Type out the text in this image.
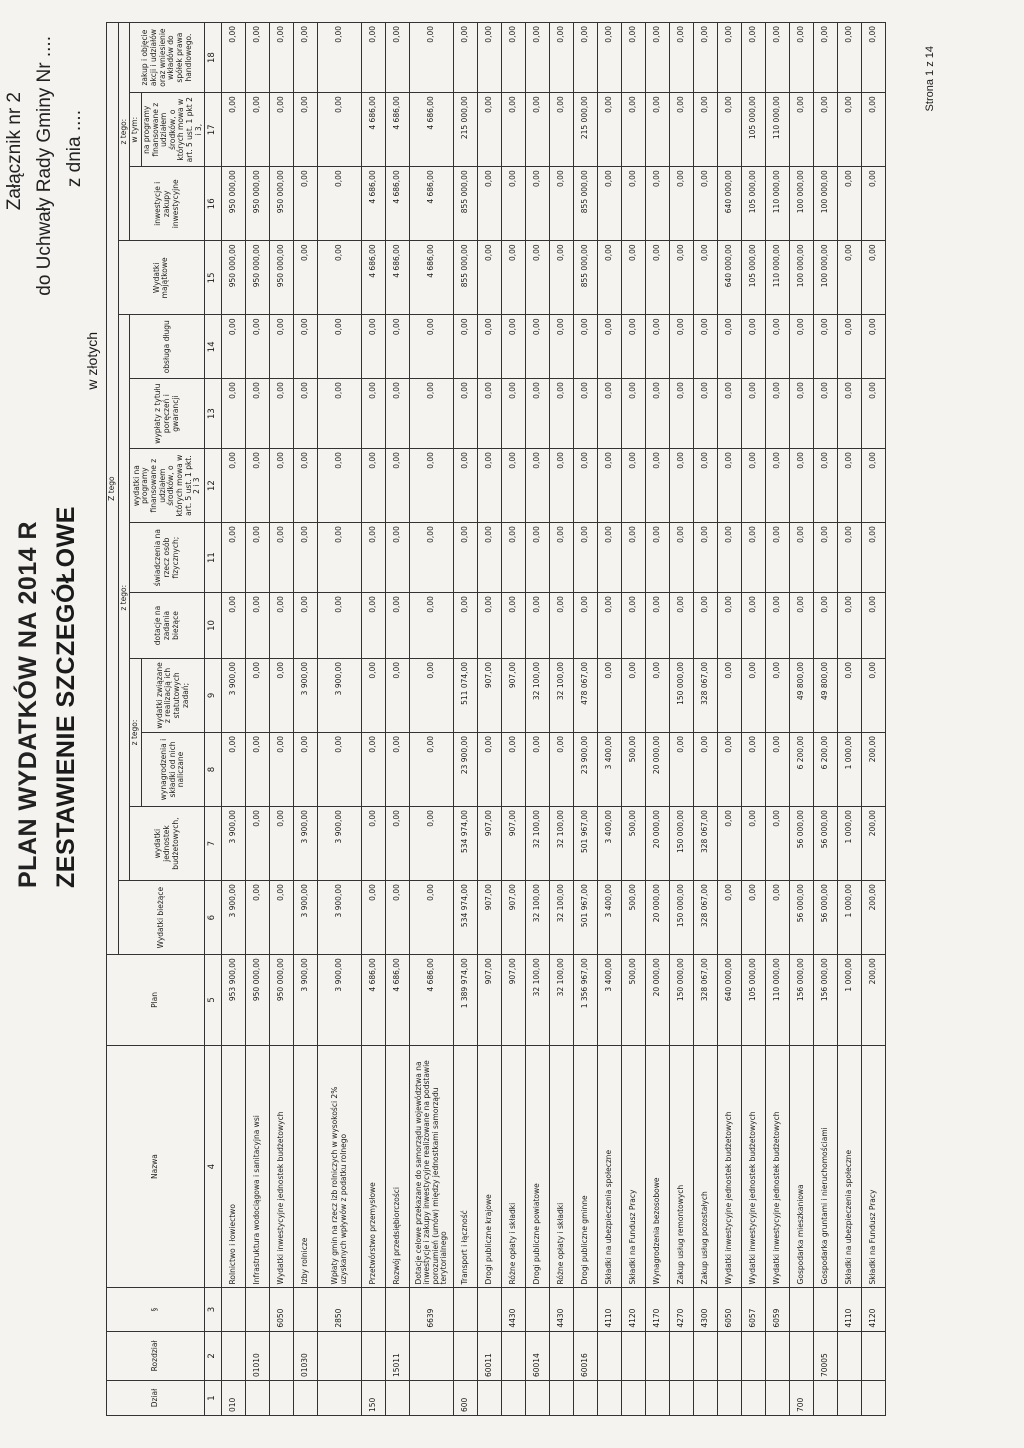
PLAN WYDATKÓW NA 2014 R ZESTAWIENIE SZCZEGÓŁOWE
Załącznik nr 2 do Uchwały Rady Gminy Nr .... z dnia ....
w złotych
Dział	Rozdział	§	Nazwa	Plan	Z tego												
					Wydatki bieżące	z tego:								Wydatki majątkowe	z tego:		
						wydatki jednostek budżetowych,	z tego:		dotacje na zadania bieżące	świadczenia na rzecz osób fizycznych;	wydatki na programy finansowane z udziałem środków, o których mowa w art. 5 ust. 1 pkt. 2 i 3	wypłaty z tytułu poręczeń i gwarancji	obsługa długu		inwestycje i zakupy inwestycyjne	w tym:	zakup i objęcie akcji i udziałów oraz wniesienie wkładów do spółek prawa handlowego.
							wynagrodzenia i składki od nich naliczane	wydatki związane z realizacją ich statutowych zadań;								na programy finansowane z udziałem środków, o których mowa w art. 5 ust. 1 pkt 2 i 3,	

1	2	3	4	5	6	7	8	9	10	11	12	13	14	15	16	17	18
010			Rolnictwo i łowiectwo	953 900,00	3 900,00	3 900,00	0,00	3 900,00	0,00	0,00	0,00	0,00	0,00	950 000,00	950 000,00	0,00	0,00
	01010		Infrastruktura wodociągowa i sanitacyjna wsi	950 000,00	0,00	0,00	0,00	0,00	0,00	0,00	0,00	0,00	0,00	950 000,00	950 000,00	0,00	0,00
		6050	Wydatki inwestycyjne jednostek budżetowych	950 000,00	0,00	0,00	0,00	0,00	0,00	0,00	0,00	0,00	0,00	950 000,00	950 000,00	0,00	0,00
	01030		Izby rolnicze	3 900,00	3 900,00	3 900,00	0,00	3 900,00	0,00	0,00	0,00	0,00	0,00	0,00	0,00	0,00	0,00
		2850	Wpłaty gmin na rzecz izb rolniczych w wysokości 2% uzyskanych wpływów z podatku rolnego	3 900,00	3 900,00	3 900,00	0,00	3 900,00	0,00	0,00	0,00	0,00	0,00	0,00	0,00	0,00	0,00
150			Przetwórstwo przemysłowe	4 686,00	0,00	0,00	0,00	0,00	0,00	0,00	0,00	0,00	0,00	4 686,00	4 686,00	4 686,00	0,00
	15011		Rozwój przedsiębiorczości	4 686,00	0,00	0,00	0,00	0,00	0,00	0,00	0,00	0,00	0,00	4 686,00	4 686,00	4 686,00	0,00
		6639	Dotacje celowe przekazane do samorządu województwa na inwestycje i zakupy inwestycyjne realizowane na podstawie porozumień (umów) między jednostkami samorządu terytorialnego	4 686,00	0,00	0,00	0,00	0,00	0,00	0,00	0,00	0,00	0,00	4 686,00	4 686,00	4 686,00	0,00
600			Transport i łączność	1 389 974,00	534 974,00	534 974,00	23 900,00	511 074,00	0,00	0,00	0,00	0,00	0,00	855 000,00	855 000,00	215 000,00	0,00
	60011		Drogi publiczne krajowe	907,00	907,00	907,00	0,00	907,00	0,00	0,00	0,00	0,00	0,00	0,00	0,00	0,00	0,00
		4430	Różne opłaty i składki	907,00	907,00	907,00	0,00	907,00	0,00	0,00	0,00	0,00	0,00	0,00	0,00	0,00	0,00
	60014		Drogi publiczne powiatowe	32 100,00	32 100,00	32 100,00	0,00	32 100,00	0,00	0,00	0,00	0,00	0,00	0,00	0,00	0,00	0,00
		4430	Różne opłaty i składki	32 100,00	32 100,00	32 100,00	0,00	32 100,00	0,00	0,00	0,00	0,00	0,00	0,00	0,00	0,00	0,00
	60016		Drogi publiczne gminne	1 356 967,00	501 967,00	501 967,00	23 900,00	478 067,00	0,00	0,00	0,00	0,00	0,00	855 000,00	855 000,00	215 000,00	0,00
		4110	Składki na ubezpieczenia społeczne	3 400,00	3 400,00	3 400,00	3 400,00	0,00	0,00	0,00	0,00	0,00	0,00	0,00	0,00	0,00	0,00
		4120	Składki na Fundusz Pracy	500,00	500,00	500,00	500,00	0,00	0,00	0,00	0,00	0,00	0,00	0,00	0,00	0,00	0,00
		4170	Wynagrodzenia bezosobowe	20 000,00	20 000,00	20 000,00	20 000,00	0,00	0,00	0,00	0,00	0,00	0,00	0,00	0,00	0,00	0,00
		4270	Zakup usług remontowych	150 000,00	150 000,00	150 000,00	0,00	150 000,00	0,00	0,00	0,00	0,00	0,00	0,00	0,00	0,00	0,00
		4300	Zakup usług pozostałych	328 067,00	328 067,00	328 067,00	0,00	328 067,00	0,00	0,00	0,00	0,00	0,00	0,00	0,00	0,00	0,00
		6050	Wydatki inwestycyjne jednostek budżetowych	640 000,00	0,00	0,00	0,00	0,00	0,00	0,00	0,00	0,00	0,00	640 000,00	640 000,00	0,00	0,00
		6057	Wydatki inwestycyjne jednostek budżetowych	105 000,00	0,00	0,00	0,00	0,00	0,00	0,00	0,00	0,00	0,00	105 000,00	105 000,00	105 000,00	0,00
		6059	Wydatki inwestycyjne jednostek budżetowych	110 000,00	0,00	0,00	0,00	0,00	0,00	0,00	0,00	0,00	0,00	110 000,00	110 000,00	110 000,00	0,00
700			Gospodarka mieszkaniowa	156 000,00	56 000,00	56 000,00	6 200,00	49 800,00	0,00	0,00	0,00	0,00	0,00	100 000,00	100 000,00	0,00	0,00
	70005		Gospodarka gruntami i nieruchomościami	156 000,00	56 000,00	56 000,00	6 200,00	49 800,00	0,00	0,00	0,00	0,00	0,00	100 000,00	100 000,00	0,00	0,00
		4110	Składki na ubezpieczenia społeczne	1 000,00	1 000,00	1 000,00	1 000,00	0,00	0,00	0,00	0,00	0,00	0,00	0,00	0,00	0,00	0,00
		4120	Składki na Fundusz Pracy	200,00	200,00	200,00	200,00	0,00	0,00	0,00	0,00	0,00	0,00	0,00	0,00	0,00	0,00
Strona 1 z 14
